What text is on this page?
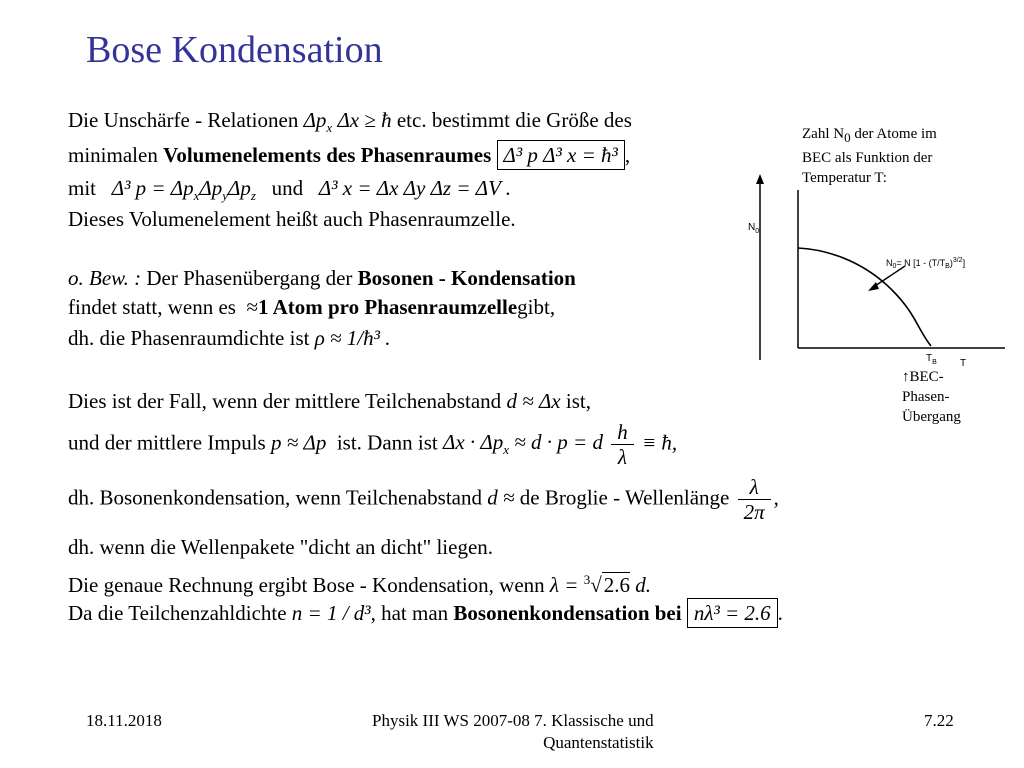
Bose Kondensation
Die Unschärfe - Relationen $\Delta p_x$ Δx ≥ ħ etc. bestimmt die Größe des
minimalen Volumenelements des Phasenraumes Δ³ p Δ³ x = ħ³ ,
mit Δ³ $p = \Delta p_x\Delta p_y\Delta p_z$ und Δ³ x = Δx Δy Δz = ΔV .
Dieses Volumenelement heißt auch Phasenraumzelle.
o. Bew. : Der Phasenübergang der Bosonen - Kondensation
findet statt, wenn es ≈1 Atom pro Phasenraumzellegibt,
dh. die Phasenraumdichte ist ρ ≈ 1/ħ³ .
Dies ist der Fall, wenn der mittlere Teilchenabstand d ≈ Δx ist,
und der mittlere Impuls p ≈ Δp ist. Dann ist $\Delta x \cdot \Delta p_x \approx d \cdot p = d \frac{h}{\lambda}$ ≡ ħ,
dh. Bosonenkondensation, wenn Teilchenabstand d ≈ de Broglie - Wellenlänge $\frac{\lambda}{2\pi}$ ,
dh. wenn die Wellenpakete "dicht an dicht" liegen.
Die genaue Rechnung ergibt Bose - Kondensation, wenn λ = $^3$√2.6 d.
Da die Teilchenzahldichte n = 1 / d³, hat man Bosonenkondensation bei nλ³ = 2.6 .
Zahl $N_0$ der Atome im
BEC als Funktion der
Temperatur T:
$N_0$
$N_0= N$ $[1 - (T/T_B)^{3/2}]$
$T_B$ T
↑BEC-
Phasen-
Übergang
18.11.2018	Physik III WS 2007-08 7. Klassische und
Quantenstatistik
7.22
